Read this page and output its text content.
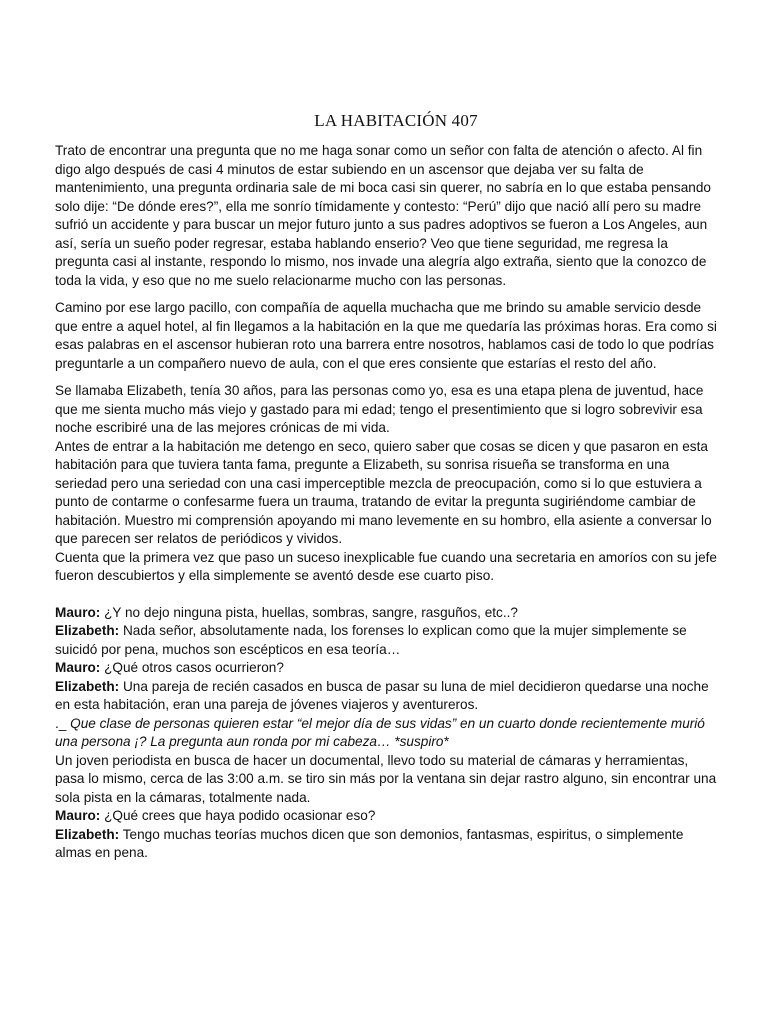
LA HABITACIÓN 407

Trato de encontrar una pregunta que no me haga sonar como un señor con falta de atención o afecto. Al fin digo algo después de casi 4 minutos de estar subiendo en un ascensor que dejaba ver su falta de mantenimiento, una pregunta ordinaria sale de mi boca casi sin querer, no sabría en lo que estaba pensando solo dije: “De dónde eres?”, ella me sonrío tímidamente y contesto: “Perú” dijo que nació allí pero su madre sufrió un accidente y para buscar un mejor futuro junto a sus padres adoptivos se fueron a Los Angeles, aun así, sería un sueño poder regresar, estaba hablando enserio? Veo que tiene seguridad, me regresa la pregunta casi al instante, respondo lo mismo, nos invade una alegría algo extraña, siento que la conozco de toda la vida, y eso que no me suelo relacionarme mucho con las personas.

Camino por ese largo pacillo, con compañía de aquella muchacha que me brindo su amable servicio desde que entre a aquel hotel, al fin llegamos a la habitación en la que me quedaría las próximas horas. Era como si esas palabras en el ascensor hubieran roto una barrera entre nosotros, hablamos casi de todo lo que podrías preguntarle a un compañero nuevo de aula, con el que eres consiente que estarías el resto del año.

Se llamaba Elizabeth, tenía 30 años, para las personas como yo, esa es una etapa plena de juventud, hace que me sienta mucho más viejo y gastado para mi edad; tengo el presentimiento que si logro sobrevivir esa noche escribiré una de las mejores crónicas de mi vida.

Antes de entrar a la habitación me detengo en seco, quiero saber que cosas se dicen y que pasaron en esta habitación para que tuviera tanta fama, pregunte a Elizabeth, su sonrisa risueña se transforma en una seriedad pero una seriedad con una casi imperceptible mezcla de preocupación, como si lo que estuviera a punto de contarme o confesarme fuera un trauma, tratando de evitar la pregunta sugiriéndome cambiar de habitación. Muestro mi comprensión apoyando mi mano levemente en su hombro, ella asiente a conversar lo que parecen ser relatos de periódicos y vividos.

Cuenta que la primera vez que paso un suceso inexplicable fue cuando una secretaria en amoríos con su jefe fueron descubiertos y ella simplemente se aventó desde ese cuarto piso.

Mauro: ¿Y no dejo ninguna pista, huellas, sombras, sangre, rasguños, etc..?

Elizabeth: Nada señor, absolutamente nada, los forenses lo explican como que la mujer simplemente se suicidó por pena, muchos son escépticos en esa teoría…

Mauro: ¿Qué otros casos ocurrieron?

Elizabeth: Una pareja de recién casados en busca de pasar su luna de miel decidieron quedarse una noche en esta habitación, eran una pareja de jóvenes viajeros y aventureros.

._ Que clase de personas quieren estar “el mejor día de sus vidas” en un cuarto donde recientemente murió una persona ¡? La pregunta aun ronda por mi cabeza… *suspiro*

Un joven periodista en busca de hacer un documental, llevo todo su material de cámaras y herramientas, pasa lo mismo, cerca de las 3:00 a.m. se tiro sin más por la ventana sin dejar rastro alguno, sin encontrar una sola pista en la cámaras, totalmente nada.

Mauro: ¿Qué crees que haya podido ocasionar eso?

Elizabeth: Tengo muchas teorías muchos dicen que son demonios, fantasmas, espiritus, o simplemente almas en pena.
